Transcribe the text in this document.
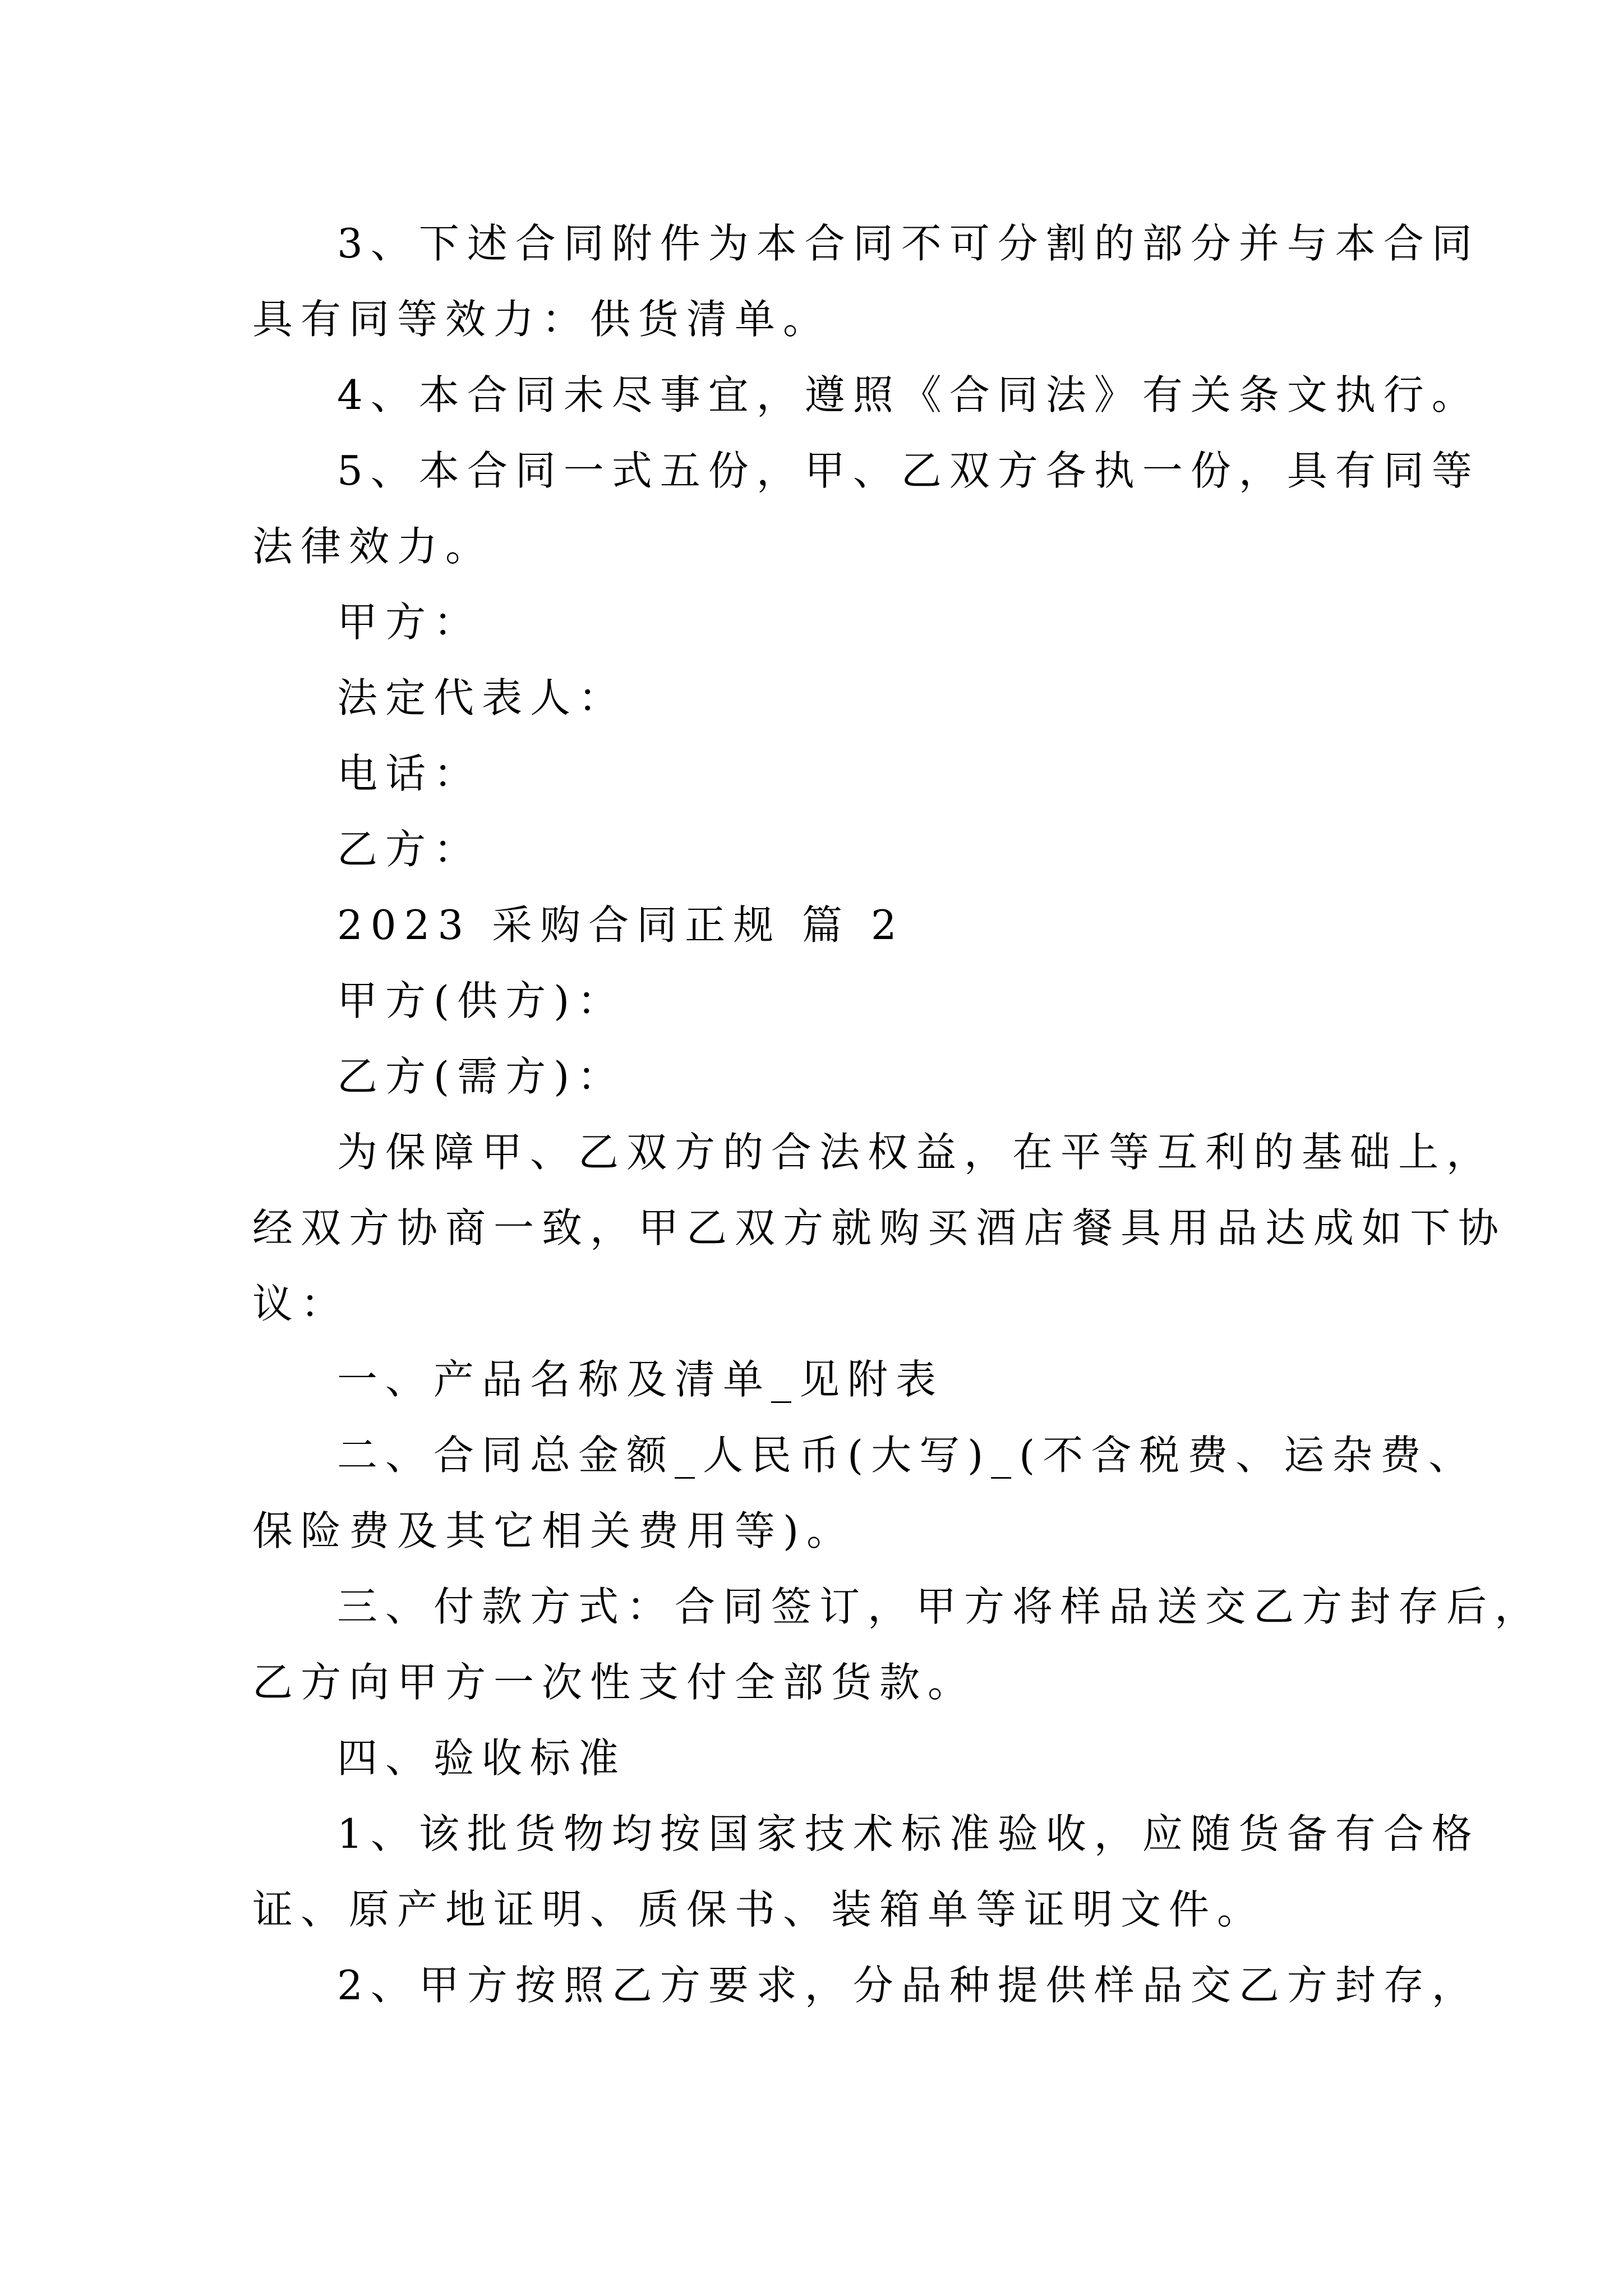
3、下述合同附件为本合同不可分割的部分并与本合同
具有同等效力：供货清单。
4、本合同未尽事宜，遵照《合同法》有关条文执行。
5、本合同一式五份，甲、乙双方各执一份，具有同等
法律效力。
甲方：
法定代表人：
电话：
乙方：
2023 采购合同正规 篇 2
甲方(供方)：
乙方(需方)：
为保障甲、乙双方的合法权益，在平等互利的基础上，
经双方协商一致，甲乙双方就购买酒店餐具用品达成如下协
议：
一、产品名称及清单_见附表
二、合同总金额_人民币(大写)_(不含税费、运杂费、
保险费及其它相关费用等)。
三、付款方式：合同签订，甲方将样品送交乙方封存后，
乙方向甲方一次性支付全部货款。
四、验收标准
1、该批货物均按国家技术标准验收，应随货备有合格
证、原产地证明、质保书、装箱单等证明文件。
2、甲方按照乙方要求，分品种提供样品交乙方封存，
